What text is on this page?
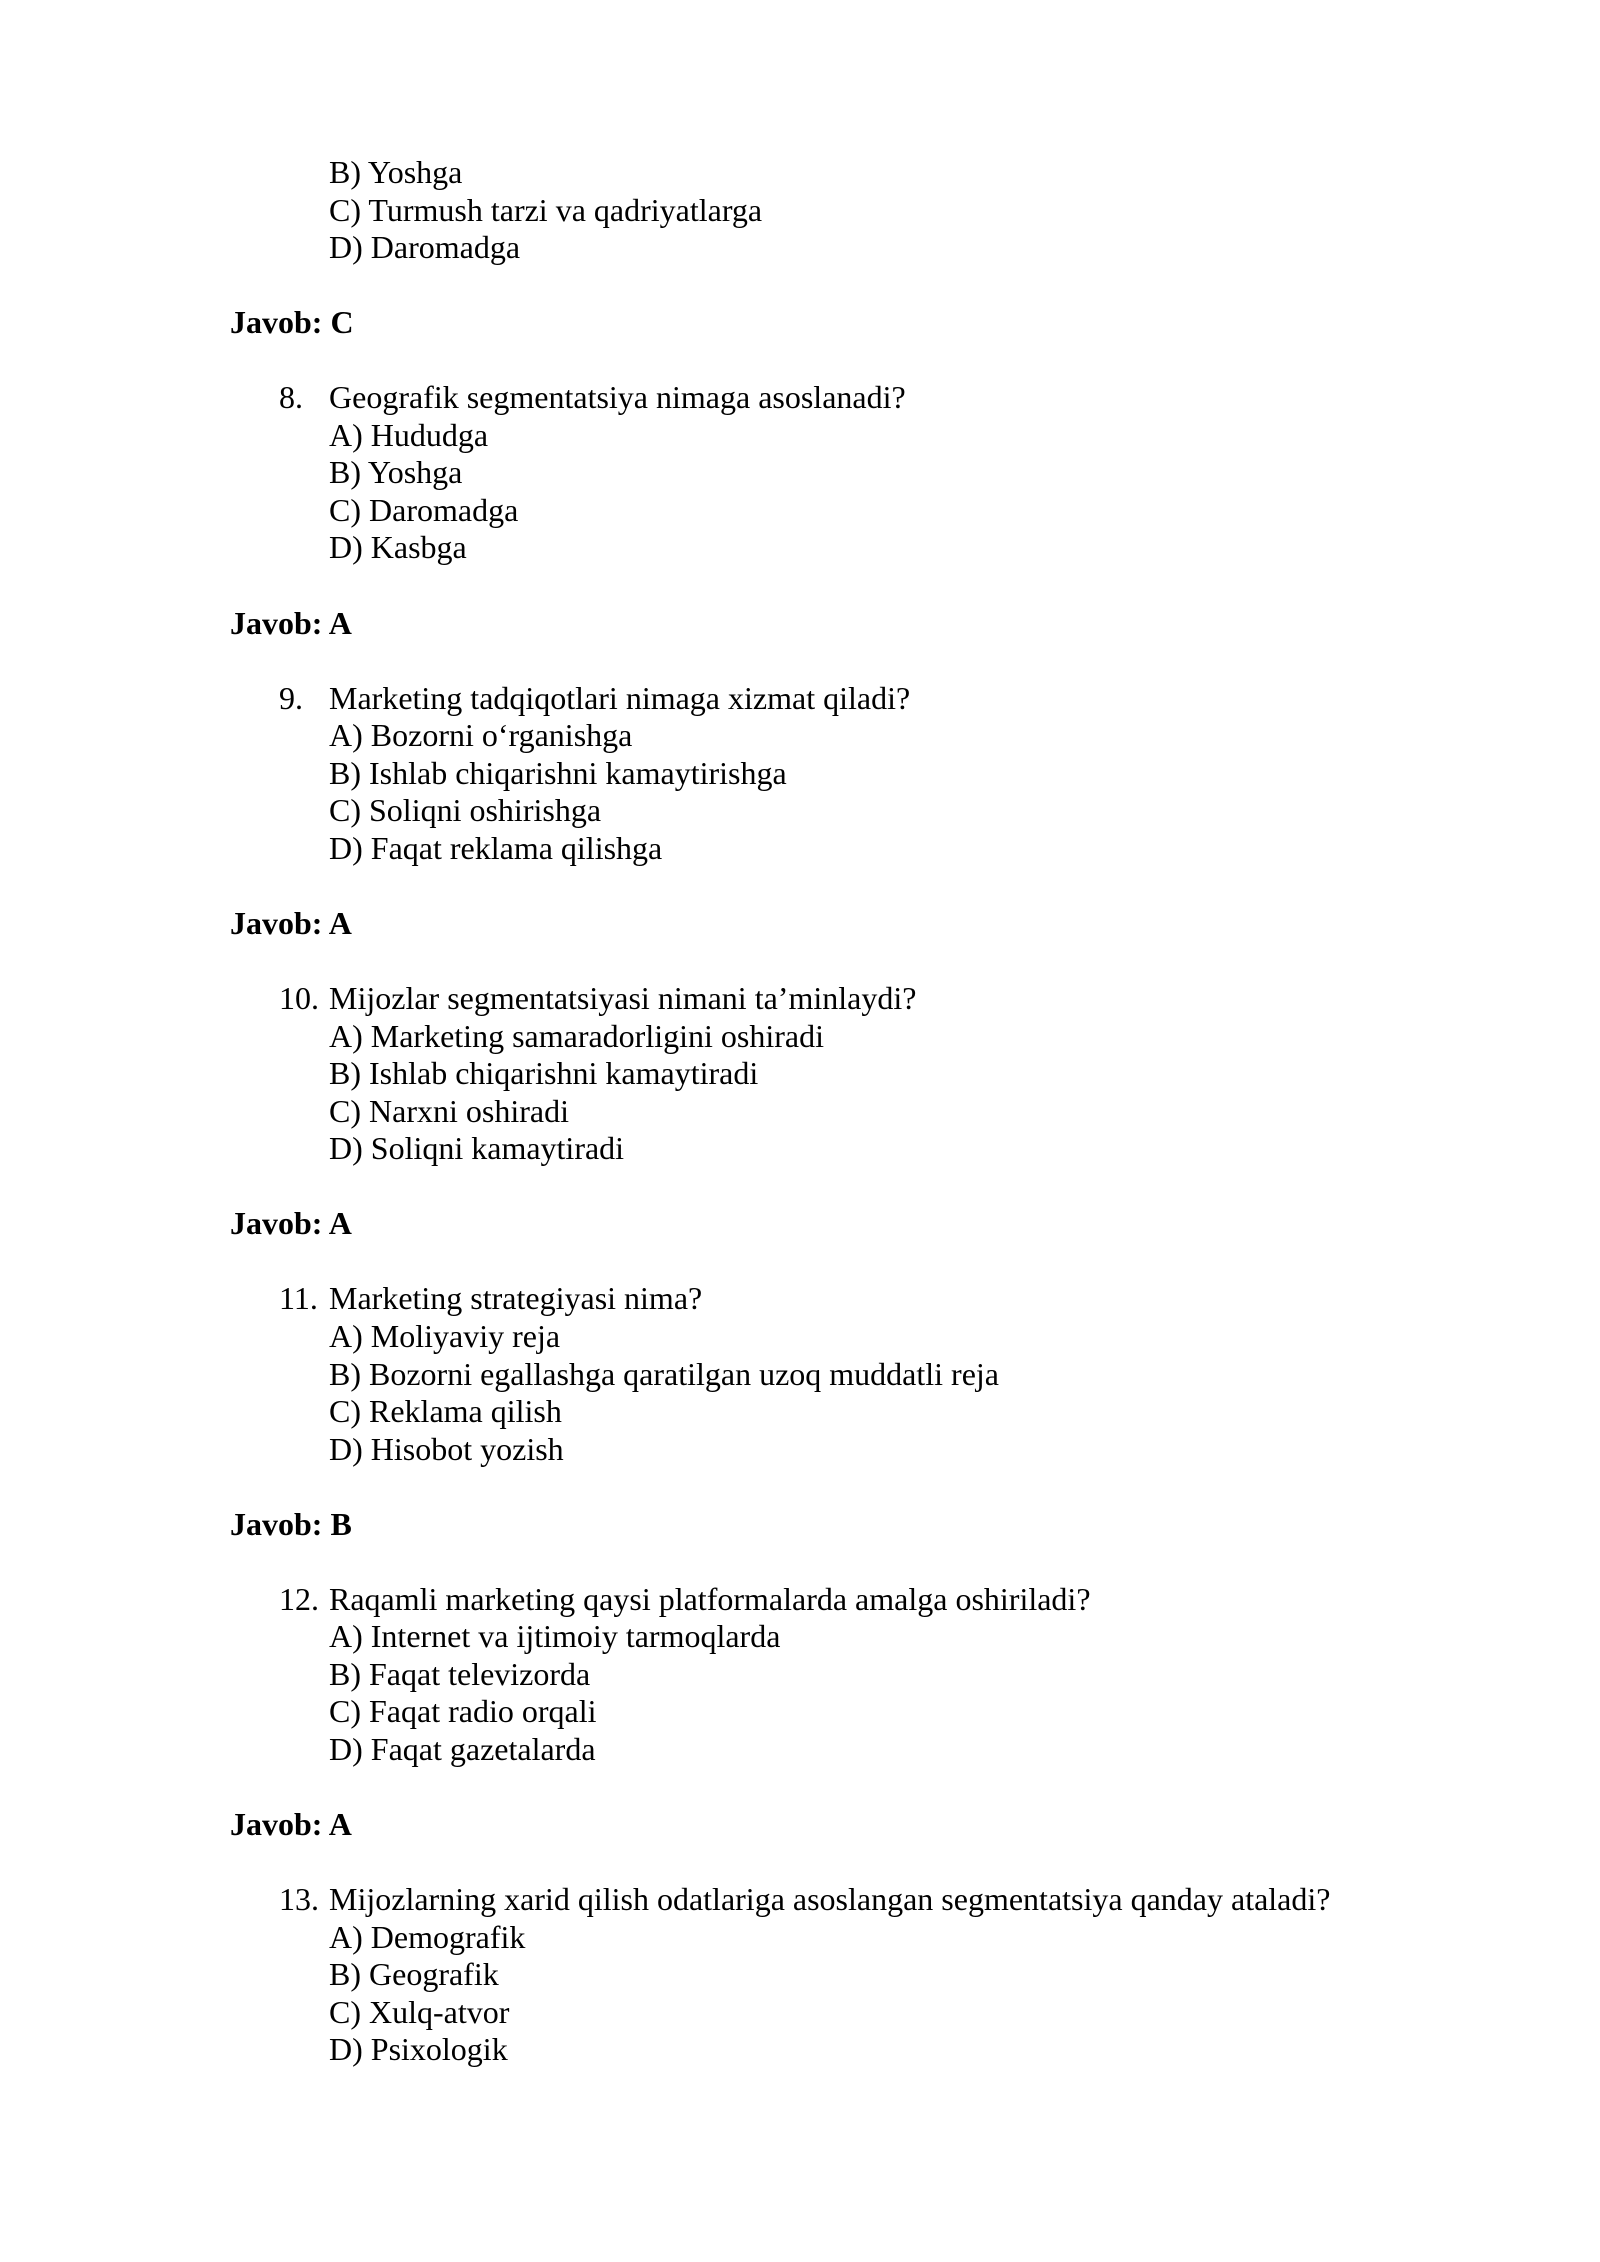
B) Yoshga
C) Turmush tarzi va qadriyatlarga
D) Daromadga
Javob: C
8. Geografik segmentatsiya nimaga asoslanadi?
A) Hududga
B) Yoshga
C) Daromadga
D) Kasbga
Javob: A
9. Marketing tadqiqotlari nimaga xizmat qiladi?
A) Bozorni o‘rganishga
B) Ishlab chiqarishni kamaytirishga
C) Soliqni oshirishga
D) Faqat reklama qilishga
Javob: A
10. Mijozlar segmentatsiyasi nimani ta’minlaydi?
A) Marketing samaradorligini oshiradi
B) Ishlab chiqarishni kamaytiradi
C) Narxni oshiradi
D) Soliqni kamaytiradi
Javob: A
11. Marketing strategiyasi nima?
A) Moliyaviy reja
B) Bozorni egallashga qaratilgan uzoq muddatli reja
C) Reklama qilish
D) Hisobot yozish
Javob: B
12. Raqamli marketing qaysi platformalarda amalga oshiriladi?
A) Internet va ijtimoiy tarmoqlarda
B) Faqat televizorda
C) Faqat radio orqali
D) Faqat gazetalarda
Javob: A
13. Mijozlarning xarid qilish odatlariga asoslangan segmentatsiya qanday ataladi?
A) Demografik
B) Geografik
C) Xulq-atvor
D) Psixologik
